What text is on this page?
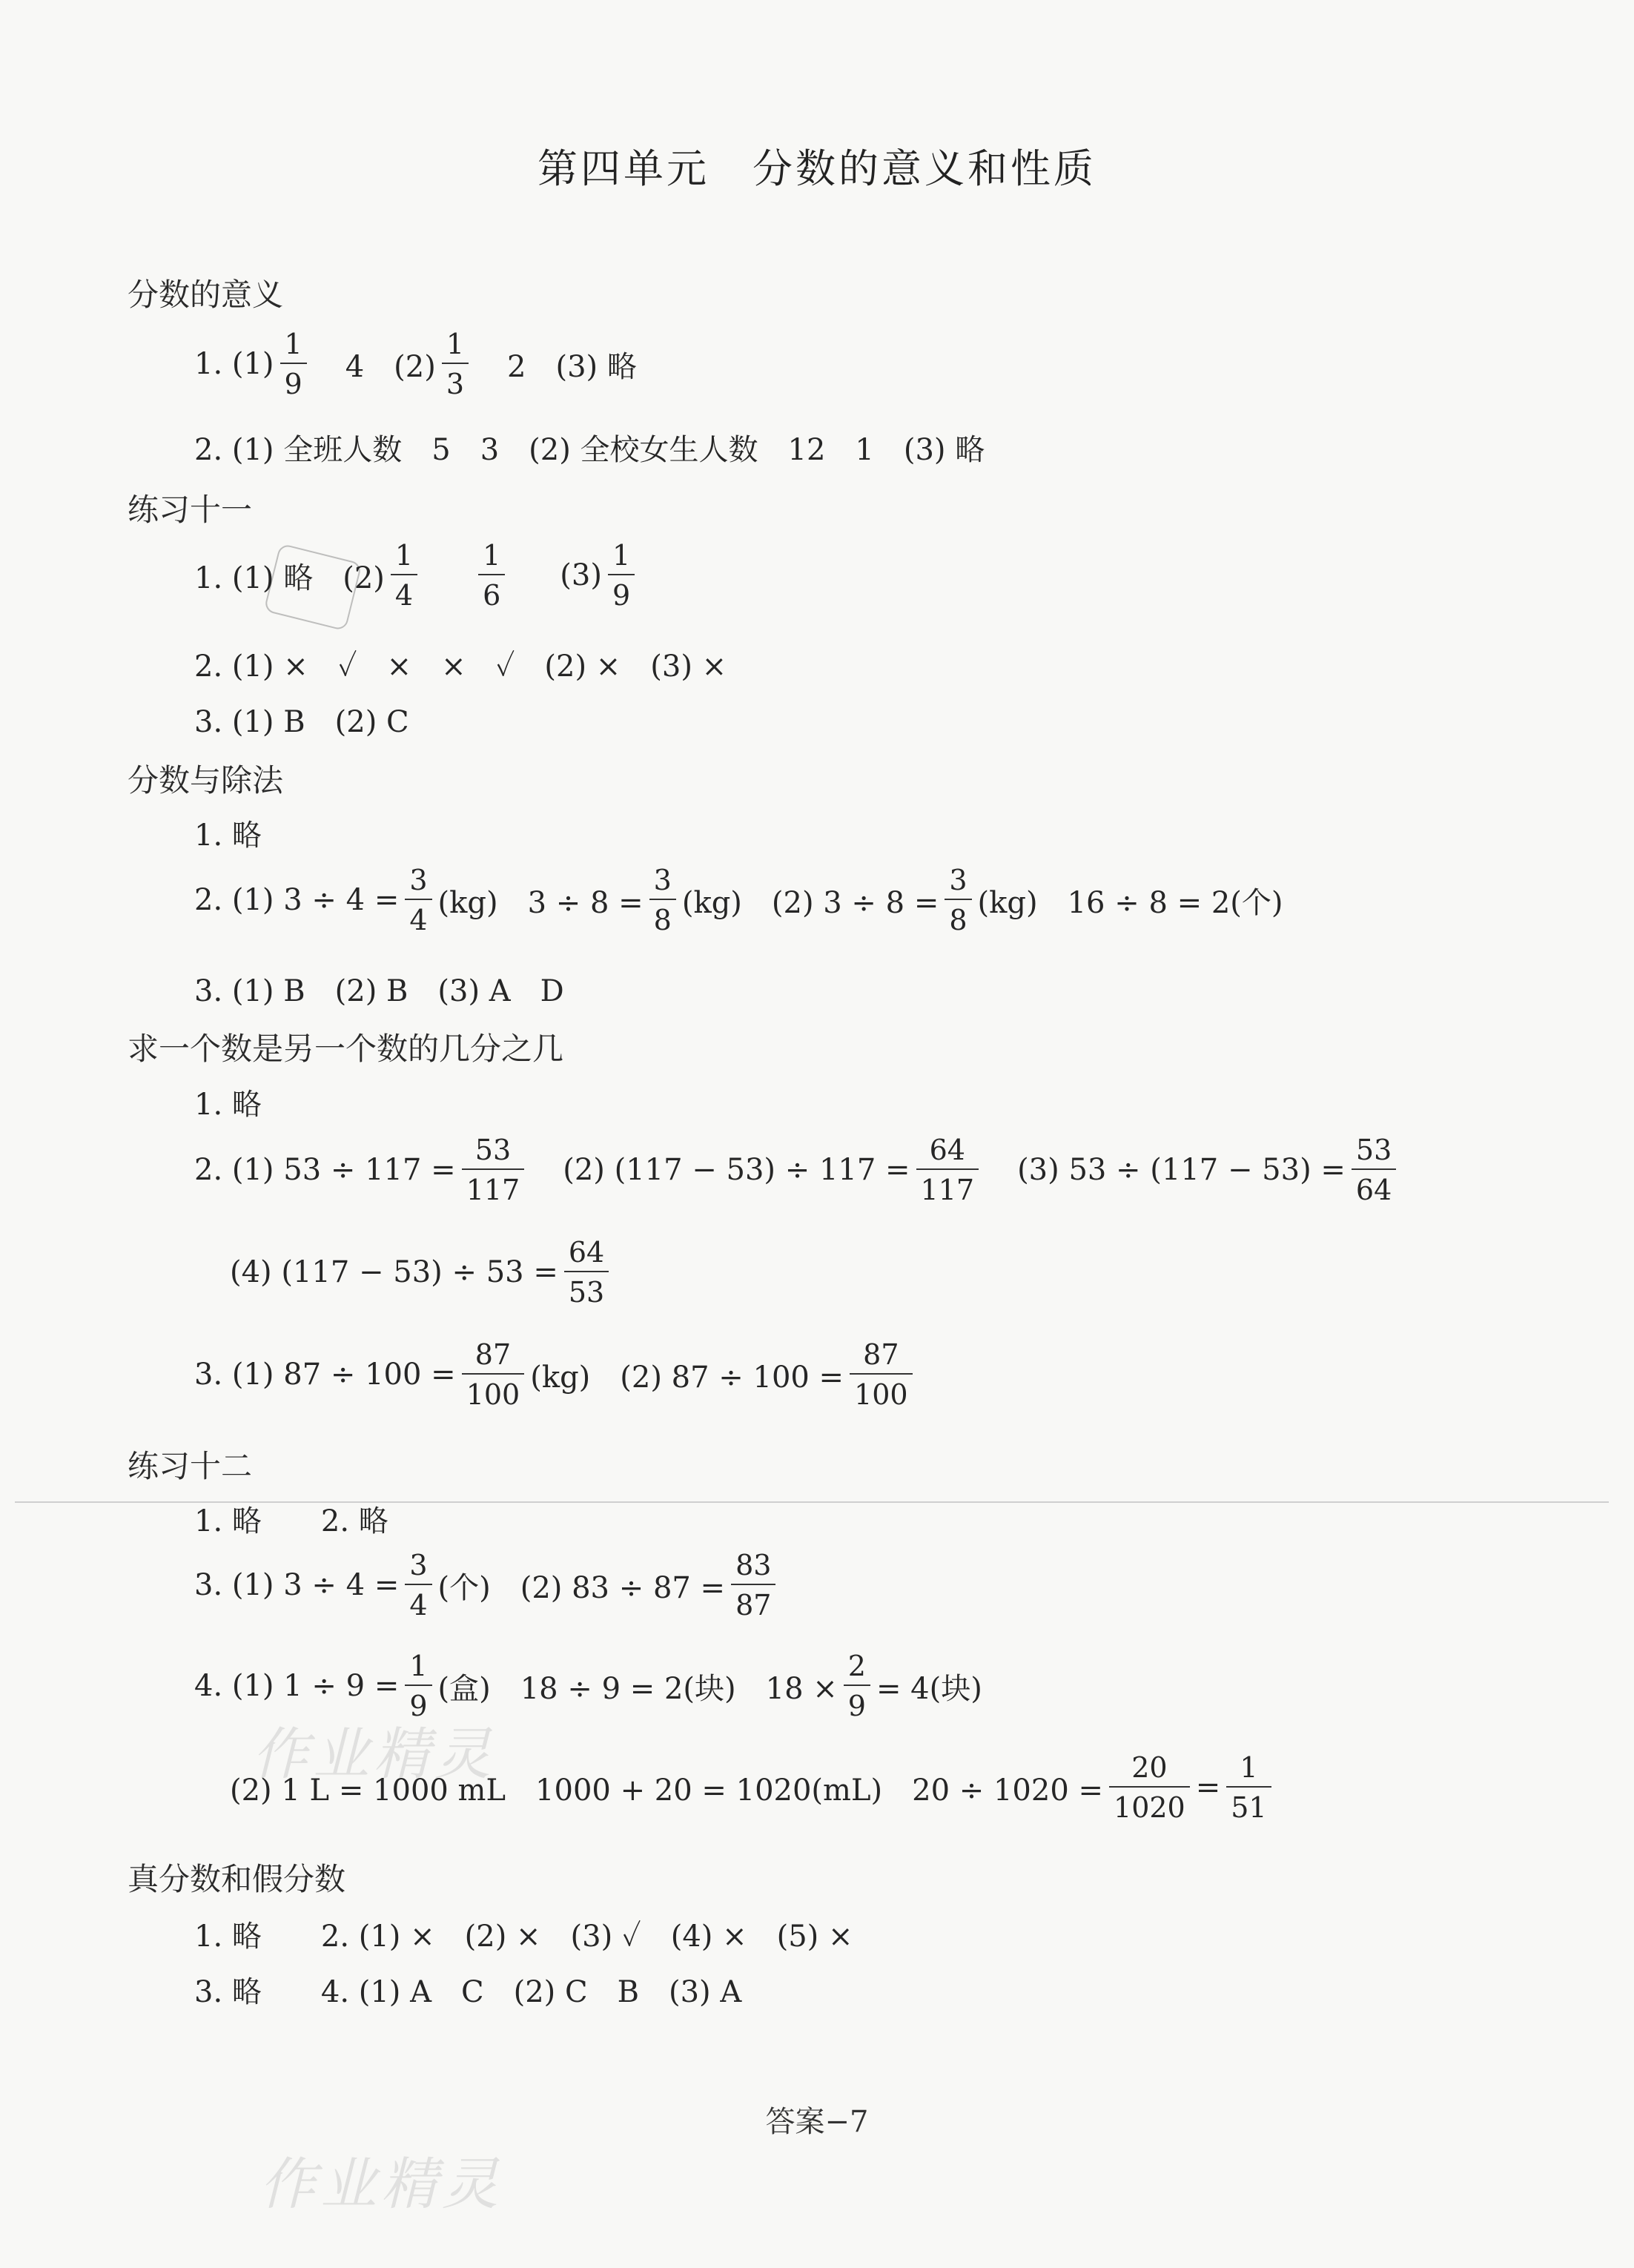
第四单元　分数的意义和性质
分数的意义
1. $(1) \frac{1}{9} 4$　$(2) \frac{1}{3} 2$　(3) 略
2. (1) 全班人数　5　3　(2) 全校女生人数　12　1　(3) 略
练习十一
1. (1) 略　$(2) \frac{1}{4} \frac{1}{6} (3) \frac{1}{9}$
2. (1) ×　✓　×　×　✓　(2) ×　(3) ×
3. (1) B　(2) C
分数与除法
1. 略
2. (1) $3 \div 4 = \frac{3}{4} (kg)$　$3 \div 8 = \frac{3}{8} (kg)$　(2) $3 \div 8 = \frac{3}{8} (kg)$　16 ÷ 8 = 2(个)
3. (1) B　(2) B　(3) A　D
求一个数是另一个数的几分之几
1. 略
2. (1) $53 \div 117 = \frac{53}{117} (2) (117 - 53) \div 117 = \frac{64}{117} (3) 53 \div (117 - 53) = \frac{53}{64}$
(4) $(117 - 53) \div 53 = \frac{64}{53}$
3. (1) $87 \div 100 = \frac{87}{100} (kg)$　(2) $87 \div 100 = \frac{87}{100}$
练习十二
1. 略　　2. 略
3. (1) $3 \div 4 = \frac{3}{4}$ (个)　(2) $83 \div 87 = \frac{83}{87}$
4. (1) $1 \div 9 = \frac{1}{9}$ (盒)　18 ÷ 9 = 2(块)　$18 \times \frac{2}{9} = 4$(块)
作业精灵
(2) 1 L = 1000 mL　1000 + 20 = 1020(mL)　$20 \div 1020 = \frac{20}{1020} = \frac{1}{51}$
真分数和假分数
1. 略　　2. (1) ×　(2) ×　(3) ✓　(4) ×　(5) ×
3. 略　　4. (1) A　C　(2) C　B　(3) A
答案−7
作业精灵
